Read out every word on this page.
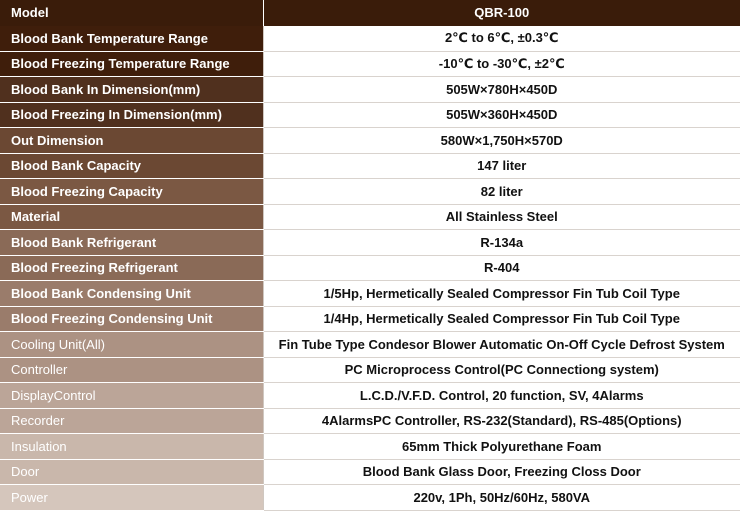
Model	QBR-100
Blood Bank Temperature Range	2℃ to 6℃, ±0.3℃
Blood Freezing Temperature Range	-10℃ to -30℃, ±2℃
Blood Bank In Dimension(mm)	505W×780H×450D
Blood Freezing In Dimension(mm)	505W×360H×450D
Out Dimension	580W×1,750H×570D
Blood Bank Capacity	147 liter
Blood Freezing Capacity	82 liter
Material	All Stainless Steel
Blood Bank Refrigerant	R-134a
Blood Freezing Refrigerant	R-404
Blood Bank Condensing Unit	1/5Hp, Hermetically Sealed Compressor Fin Tub Coil Type
Blood Freezing Condensing Unit	1/4Hp, Hermetically Sealed Compressor Fin Tub Coil Type
Cooling Unit(All)	Fin Tube Type Condesor Blower Automatic On-Off Cycle Defrost System
Controller	PC Microprocess Control(PC Connectiong system)
DisplayControl	L.C.D./V.F.D. Control, 20 function, SV, 4Alarms
Recorder	4AlarmsPC Controller, RS-232(Standard), RS-485(Options)
Insulation	65mm Thick Polyurethane Foam
Door	Blood Bank Glass Door, Freezing Closs Door
Power	220v, 1Ph, 50Hz/60Hz, 580VA
